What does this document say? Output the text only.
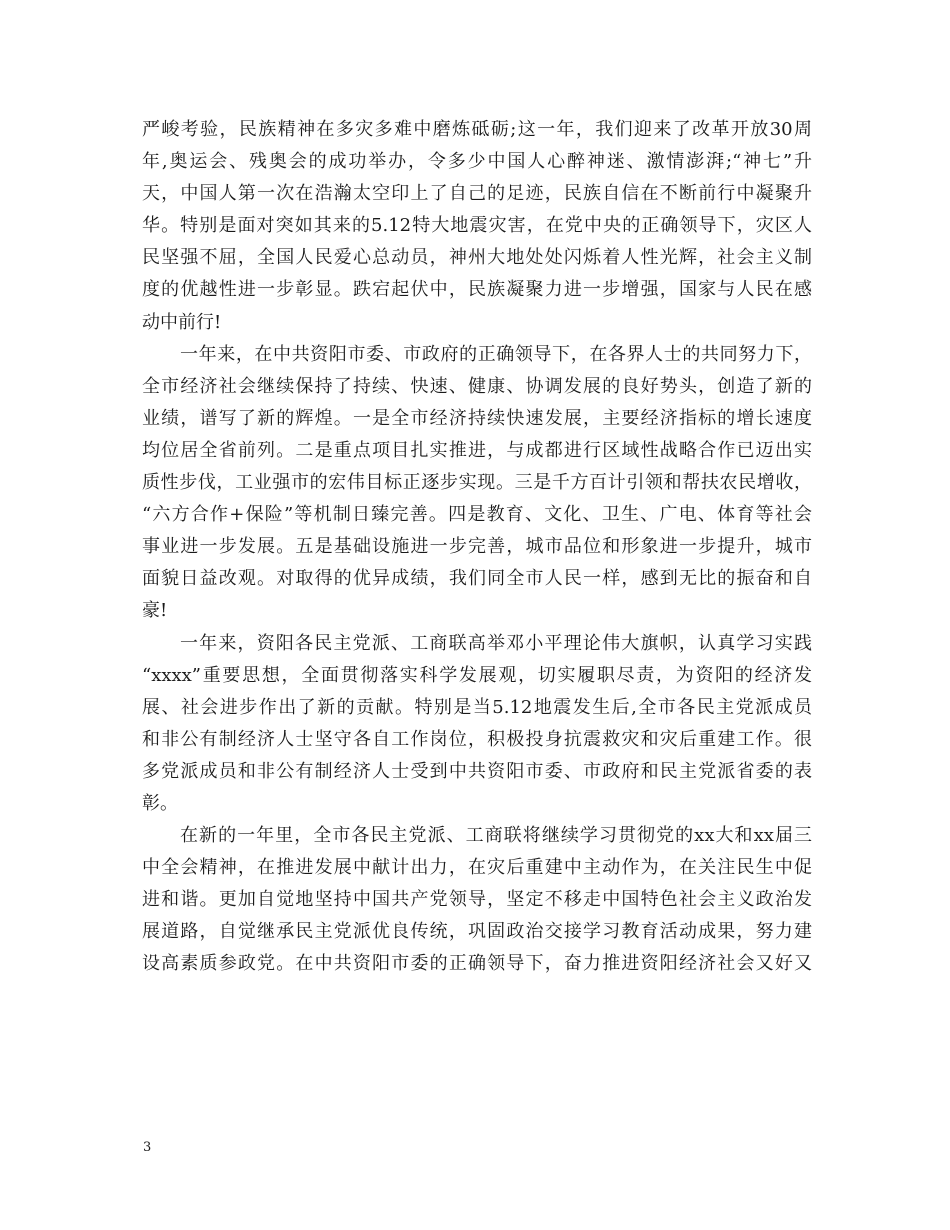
严峻考验，民族精神在多灾多难中磨炼砥砺;这一年，我们迎来了改革开放30周
年,奥运会、残奥会的成功举办，令多少中国人心醉神迷、激情澎湃;“神七”升
天，中国人第一次在浩瀚太空印上了自己的足迹，民族自信在不断前行中凝聚升
华。特别是面对突如其来的5.12特大地震灾害，在党中央的正确领导下，灾区人
民坚强不屈，全国人民爱心总动员，神州大地处处闪烁着人性光辉，社会主义制
度的优越性进一步彰显。跌宕起伏中，民族凝聚力进一步增强，国家与人民在感
动中前行!
一年来，在中共资阳市委、市政府的正确领导下，在各界人士的共同努力下，
全市经济社会继续保持了持续、快速、健康、协调发展的良好势头，创造了新的
业绩，谱写了新的辉煌。一是全市经济持续快速发展，主要经济指标的增长速度
均位居全省前列。二是重点项目扎实推进，与成都进行区域性战略合作已迈出实
质性步伐，工业强市的宏伟目标正逐步实现。三是千方百计引领和帮扶农民增收，
“六方合作+保险”等机制日臻完善。四是教育、文化、卫生、广电、体育等社会
事业进一步发展。五是基础设施进一步完善，城市品位和形象进一步提升，城市
面貌日益改观。对取得的优异成绩，我们同全市人民一样，感到无比的振奋和自
豪!
一年来，资阳各民主党派、工商联高举邓小平理论伟大旗帜，认真学习实践
“xxxx”重要思想，全面贯彻落实科学发展观，切实履职尽责，为资阳的经济发
展、社会进步作出了新的贡献。特别是当5.12地震发生后,全市各民主党派成员
和非公有制经济人士坚守各自工作岗位，积极投身抗震救灾和灾后重建工作。很
多党派成员和非公有制经济人士受到中共资阳市委、市政府和民主党派省委的表
彰。
在新的一年里，全市各民主党派、工商联将继续学习贯彻党的xx大和xx届三
中全会精神，在推进发展中献计出力，在灾后重建中主动作为，在关注民生中促
进和谐。更加自觉地坚持中国共产党领导，坚定不移走中国特色社会主义政治发
展道路，自觉继承民主党派优良传统，巩固政治交接学习教育活动成果，努力建
设高素质参政党。在中共资阳市委的正确领导下，奋力推进资阳经济社会又好又
3
